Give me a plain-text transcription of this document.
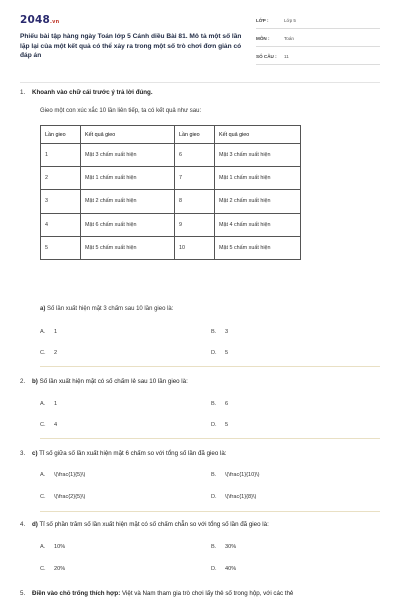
2048.vn
Phiếu bài tập hàng ngày Toán lớp 5 Cánh diều Bài 81. Mô tả một số lần lặp lại của một kết quả có thể xảy ra trong một số trò chơi đơn giản có đáp án
LỚP :	Lớp 5
MÔN :	Toán
SỐ CÂU : 11
1. Khoanh vào chữ cái trước ý trả lời đúng.
Gieo một con xúc xắc 10 lần liên tiếp, ta có kết quả như sau:
Lần gieo	Kết quả gieo	Lần gieo	Kết quả gieo
1	Mặt 3 chấm xuất hiện	6	Mặt 3 chấm xuất hiện
2	Mặt 1 chấm xuất hiện	7	Mặt 1 chấm xuất hiện
3	Mặt 2 chấm xuất hiện	8	Mặt 2 chấm xuất hiện
4	Mặt 6 chấm xuất hiện	9	Mặt 4 chấm xuất hiện
5	Mặt 5 chấm xuất hiện	10	Mặt 5 chấm xuất hiện
a) Số lần xuất hiện mặt 3 chấm sau 10 lần gieo là:
A. 1	B. 3
C. 2	D. 5
2. b) Số lần xuất hiện mặt có số chấm lẻ sau 10 lần gieo là:
A. 1	B. 6
C. 4	D. 5
3. c) Tỉ số giữa số lần xuất hiện mặt 6 chấm so với tổng số lần đã gieo là:
A. \(\frac{1}{5}\)	B. \(\frac{1}{10}\)
C. \(\frac{2}{5}\)	D. \(\frac{1}{8}\)
4. d) Tỉ số phần trăm số lần xuất hiện mặt có số chấm chẵn so với tổng số lần đã gieo là:
A. 10%	B. 30%
C. 20%	D. 40%
5. Điền vào chỗ trống thích hợp: Việt và Nam tham gia trò chơi lấy thẻ số trong hộp, với các thẻ
